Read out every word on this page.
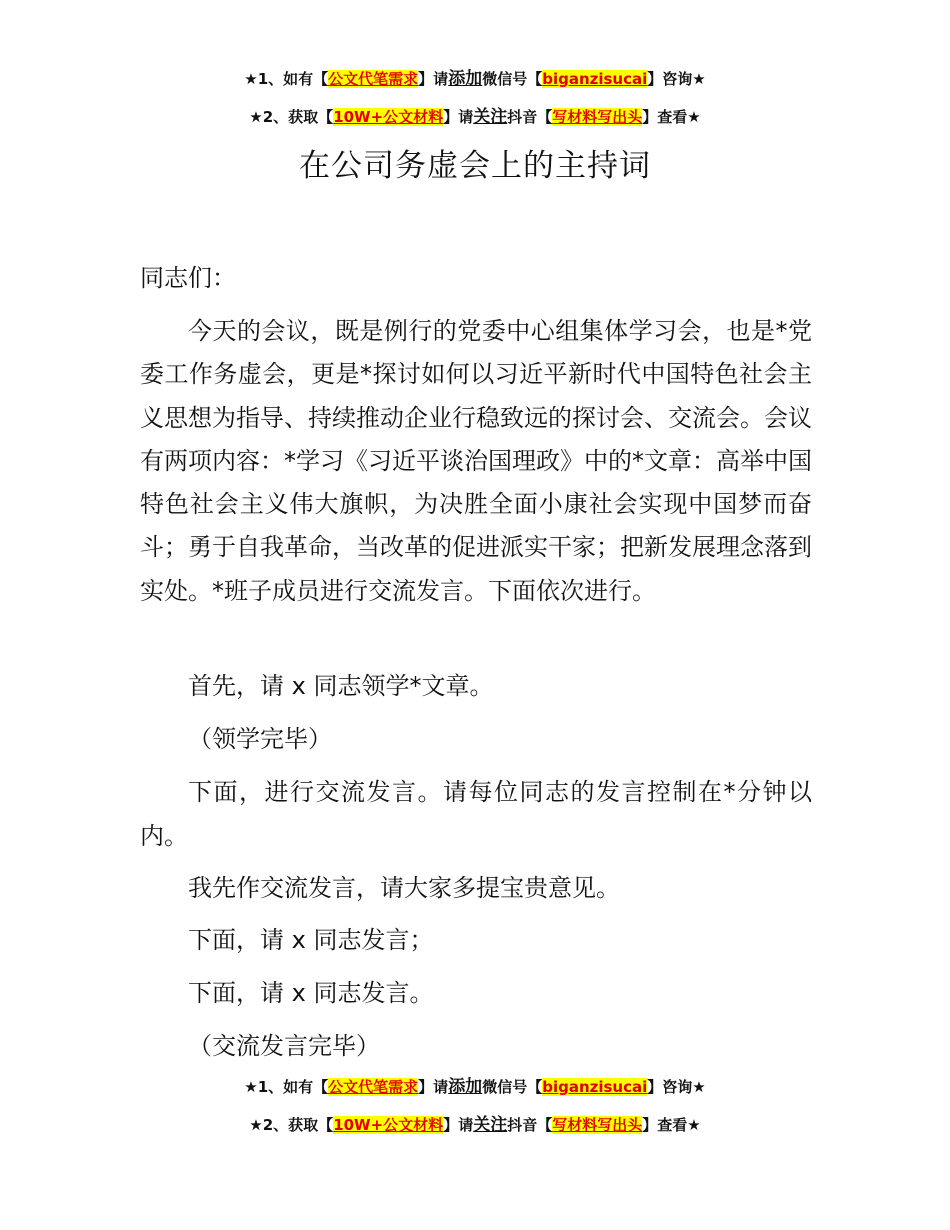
★1、如有【公文代笔需求】请添加微信号【biganzisucai】咨询★
★2、获取【10W+公文材料】请关注抖音【写材料写出头】查看★
在公司务虚会上的主持词
同志们：

今天的会议，既是例行的党委中心组集体学习会，也是*党委工作务虚会，更是*探讨如何以习近平新时代中国特色社会主义思想为指导、持续推动企业行稳致远的探讨会、交流会。会议有两项内容：*学习《习近平谈治国理政》中的*文章：高举中国特色社会主义伟大旗帜，为决胜全面小康社会实现中国梦而奋斗；勇于自我革命，当改革的促进派实干家；把新发展理念落到实处。*班子成员进行交流发言。下面依次进行。

首先，请 x 同志领学*文章。
（领学完毕）
下面，进行交流发言。请每位同志的发言控制在*分钟以内。
我先作交流发言，请大家多提宝贵意见。
下面，请 x 同志发言；
下面，请 x 同志发言。
（交流发言完毕）
★1、如有【公文代笔需求】请添加微信号【biganzisucai】咨询★
★2、获取【10W+公文材料】请关注抖音【写材料写出头】查看★
